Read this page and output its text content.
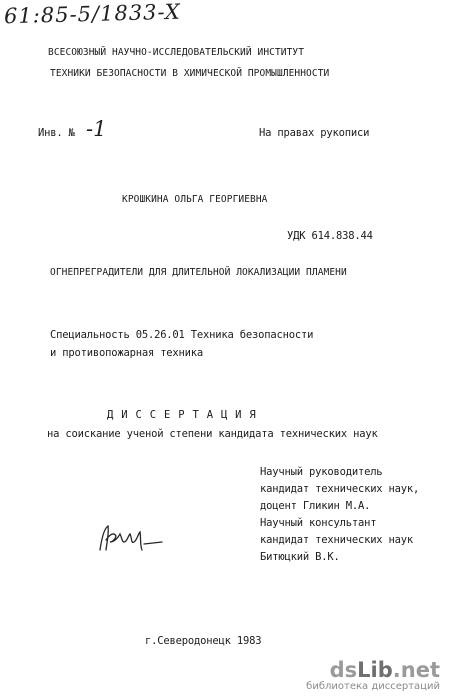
61:85-5/1833-X
ВСЕСОЮЗНЫЙ НАУЧНО-ИССЛЕДОВАТЕЛЬСКИЙ ИНСТИТУТ
ТЕХНИКИ БЕЗОПАСНОСТИ В ХИМИЧЕСКОЙ ПРОМЫШЛЕННОСТИ
Инв. № -1	На правах рукописи
КРОШКИНА ОЛЬГА ГЕОРГИЕВНА
УДК 614.838.44
ОГНЕПРЕГРАДИТЕЛИ ДЛЯ ДЛИТЕЛЬНОЙ ЛОКАЛИЗАЦИИ ПЛАМЕНИ
Специальность 05.26.01 Техника безопасности
и противопожарная техника
Д И С С Е Р Т А Ц И Я
на соискание ученой степени кандидата технических наук
Научный руководитель
кандидат технических наук,
доцент Гликин М.А.
Научный консультант
кандидат технических наук
Битюцкий В.К.
г.Северодонецк 1983
dsLib.net
библиотека диссертаций
